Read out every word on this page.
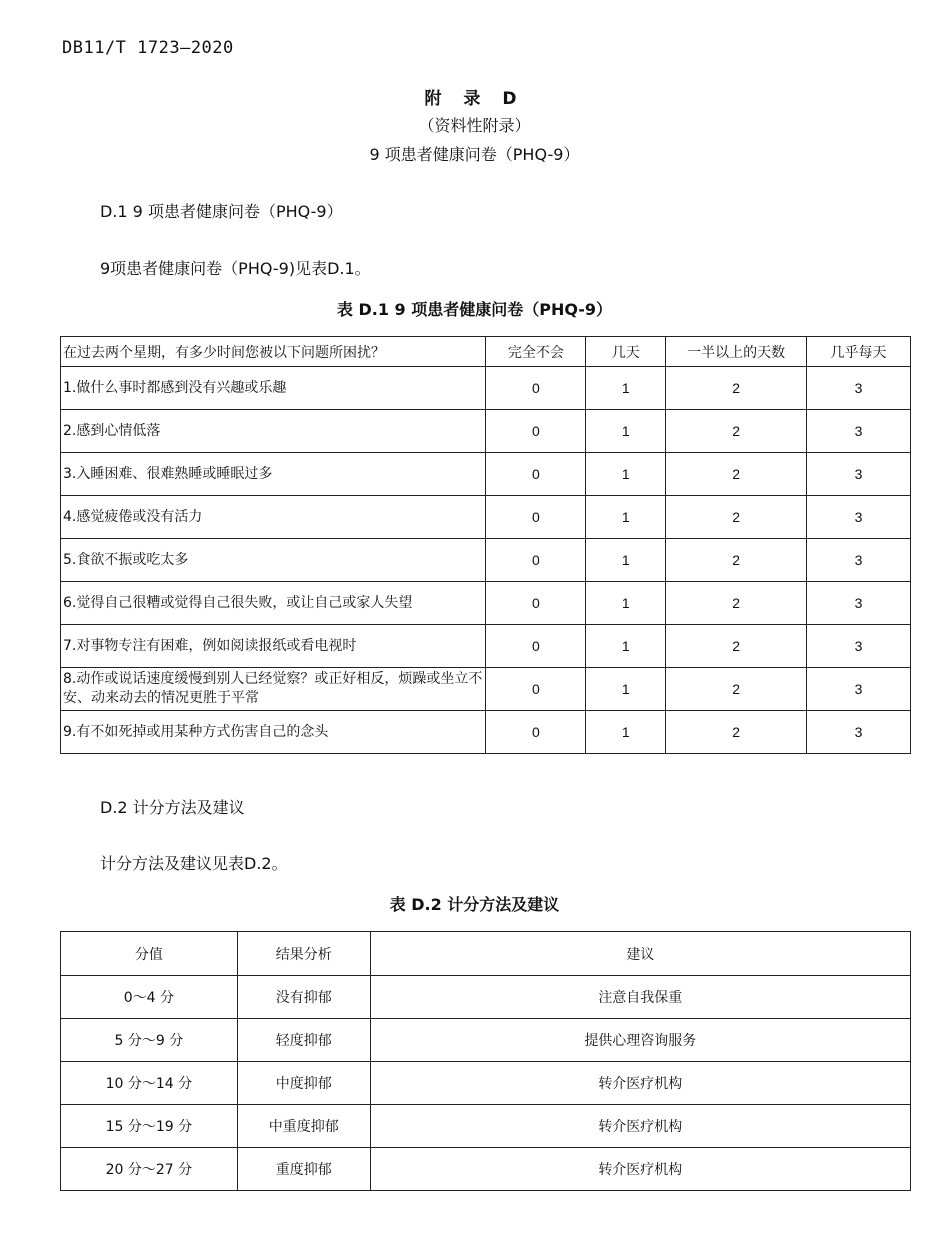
DB11/T 1723—2020
附 录 D
（资料性附录）
9 项患者健康问卷（PHQ-9）
D.1 9 项患者健康问卷（PHQ-9）
9项患者健康问卷（PHQ-9)见表D.1。
表 D.1 9 项患者健康问卷（PHQ-9）
在过去两个星期，有多少时间您被以下问题所困扰？	完全不会	几天	一半以上的天数	几乎每天
1.做什么事时都感到没有兴趣或乐趣	0	1	2	3
2.感到心情低落	0	1	2	3
3.入睡困难、很难熟睡或睡眠过多	0	1	2	3
4.感觉疲倦或没有活力	0	1	2	3
5.食欲不振或吃太多	0	1	2	3
6.觉得自己很糟或觉得自己很失败，或让自己或家人失望	0	1	2	3
7.对事物专注有困难，例如阅读报纸或看电视时	0	1	2	3
8.动作或说话速度缓慢到别人已经觉察？或正好相反，烦躁或坐立不安、动来动去的情况更胜于平常	0	1	2	3
9.有不如死掉或用某种方式伤害自己的念头	0	1	2	3
D.2 计分方法及建议
计分方法及建议见表D.2。
表 D.2 计分方法及建议
分值	结果分析	建议
0～4 分	没有抑郁	注意自我保重
5 分～9 分	轻度抑郁	提供心理咨询服务
10 分～14 分	中度抑郁	转介医疗机构
15 分～19 分	中重度抑郁	转介医疗机构
20 分～27 分	重度抑郁	转介医疗机构
